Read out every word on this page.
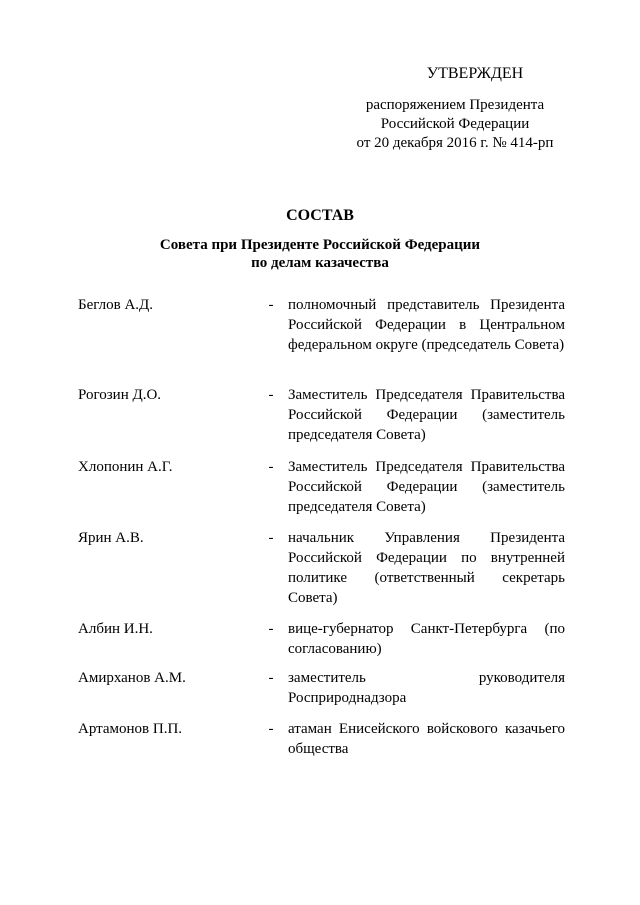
УТВЕРЖДЕН
распоряжением Президента
Российской Федерации
от 20 декабря 2016 г. № 414-рп
СОСТАВ
Совета при Президенте Российской Федерации
по делам казачества
Беглов А.Д.	- полномочный представитель Президента Российской Федерации в Центральном федеральном округе (председатель Совета)
Рогозин Д.О.	- Заместитель Председателя Правительства Российской Федерации (заместитель председателя Совета)
Хлопонин А.Г.	- Заместитель Председателя Правительства Российской Федерации (заместитель председателя Совета)
Ярин А.В.	- начальник Управления Президента Российской Федерации по внутренней политике (ответственный секретарь Совета)
Албин И.Н.	- вице-губернатор Санкт-Петербурга (по согласованию)
Амирханов А.М.	- заместитель руководителя Росприроднадзора
Артамонов П.П.	- атаман Енисейского войскового казачьего общества
